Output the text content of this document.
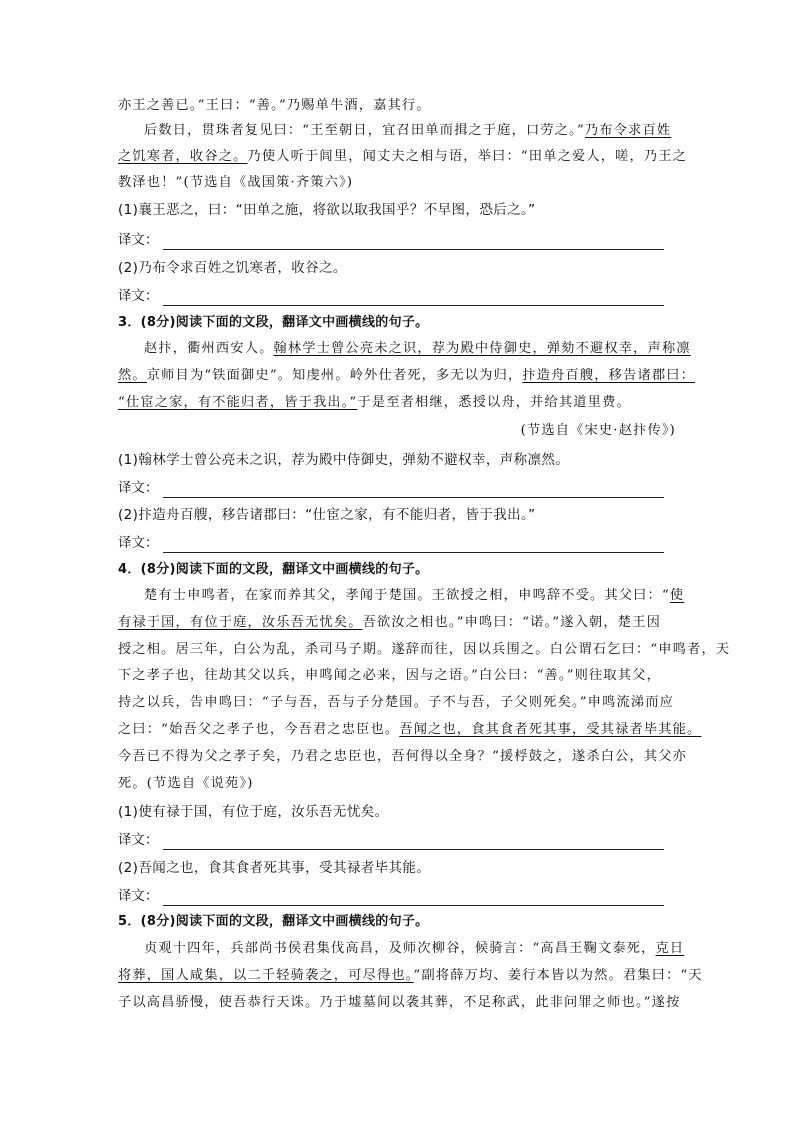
亦王之善已。”王曰：“善。”乃赐单牛酒，嘉其行。
后数日，贯珠者复见曰：“王至朝日，宜召田单而揖之于庭，口劳之。”乃布令求百姓
之饥寒者，收谷之。乃使人听于闾里，闻丈夫之相与语，举曰：“田单之爱人，嗟，乃王之
教泽也！”(节选自《战国策·齐策六》)
(1)襄王恶之，曰：“田单之施，将欲以取我国乎？不早图，恐后之。”
译文：
(2)乃布令求百姓之饥寒者，收谷之。
译文：
3．(8分)阅读下面的文段，翻译文中画横线的句子。
赵抃，衢州西安人。翰林学士曾公亮未之识，荐为殿中侍御史，弹劾不避权幸，声称凛
然。京师目为“铁面御史”。知虔州。岭外仕者死，多无以为归，抃造舟百艘，移告诸郡曰：
“仕宦之家，有不能归者，皆于我出。”于是至者相继，悉授以舟，并给其道里费。
(节选自《宋史·赵抃传》)
(1)翰林学士曾公亮未之识，荐为殿中侍御史，弹劾不避权幸，声称凛然。
译文：
(2)抃造舟百艘，移告诸郡曰：“仕宦之家，有不能归者，皆于我出。”
译文：
4．(8分)阅读下面的文段，翻译文中画横线的句子。
楚有士申鸣者，在家而养其父，孝闻于楚国。王欲授之相，申鸣辞不受。其父曰：“使
有禄于国，有位于庭，汝乐吾无忧矣。吾欲汝之相也。”申鸣曰：“诺。”遂入朝，楚王因
授之相。居三年，白公为乱，杀司马子期。遂辞而往，因以兵围之。白公谓石乞曰：“申鸣者，天
下之孝子也，往劫其父以兵，申鸣闻之必来，因与之语。”白公曰：“善。”则往取其父，
持之以兵，告申鸣曰：“子与吾，吾与子分楚国。子不与吾，子父则死矣。”申鸣流涕而应
之曰：“始吾父之孝子也，今吾君之忠臣也。吾闻之也，食其食者死其事，受其禄者毕其能。
今吾已不得为父之孝子矣，乃君之忠臣也，吾何得以全身？”援桴鼓之，遂杀白公，其父亦
死。(节选自《说苑》)
(1)使有禄于国，有位于庭，汝乐吾无忧矣。
译文：
(2)吾闻之也，食其食者死其事，受其禄者毕其能。
译文：
5．(8分)阅读下面的文段，翻译文中画横线的句子。
贞观十四年，兵部尚书侯君集伐高昌，及师次柳谷，候骑言：“高昌王鞠文泰死，克日
将葬，国人咸集，以二千轻骑袭之，可尽得也。”副将薛万均、姜行本皆以为然。君集曰：“天
子以高昌骄慢，使吾恭行天诛。乃于墟墓间以袭其葬，不足称武，此非问罪之师也。”遂按
